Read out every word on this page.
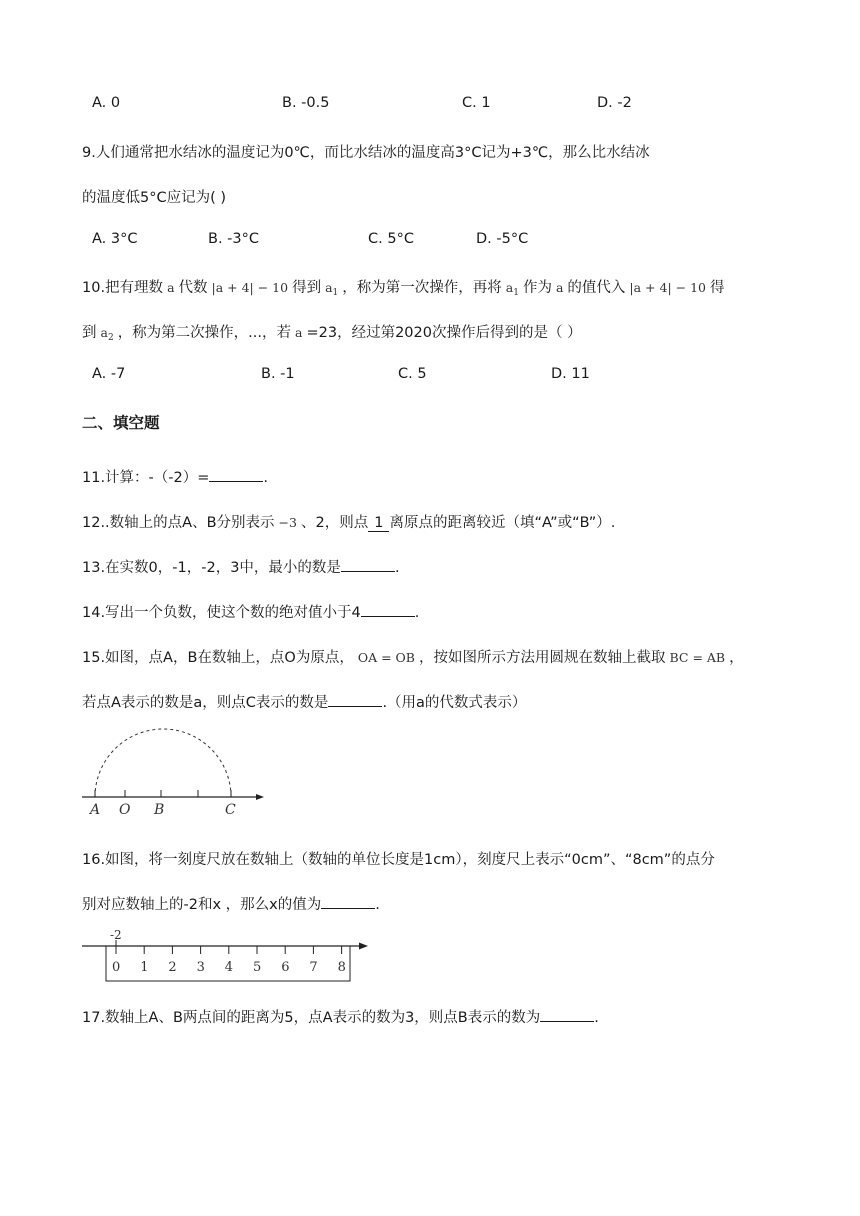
A. 0	B. -0.5	C. 1	D. -2
9.人们通常把水结冰的温度记为0℃，而比水结冰的温度高3°C记为+3℃，那么比水结冰
的温度低5°C应记为( )
A. 3°C	B. -3°C	C. 5°C	D. -5°C
10.把有理数 a 代数 |a + 4| − 10 得到 $a_1$ ，称为第一次操作，再将 $a_1$ 作为 a 的值代入 |a + 4| − 10 得
到 $a_2$ ，称为第二次操作，...，若 a =23，经过第2020次操作后得到的是（ ）
A. -7	B. -1	C. 5	D. 11
二、填空题
11.计算：-（-2）=	.
12..数轴上的点A、B分别表示 −3 、2，则点 1 离原点的距离较近（填“A”或“B”）.
13.在实数0，-1，-2，3中，最小的数是	.
14.写出一个负数，使这个数的绝对值小于4	.
15.如图，点A，B在数轴上，点O为原点， OA = OB ，按如图所示方法用圆规在数轴上截取 BC = AB ，
若点A表示的数是a，则点C表示的数是	.（用a的代数式表示）
A O B	C
16.如图，将一刻度尺放在数轴上（数轴的单位长度是1cm），刻度尺上表示“0cm”、“8cm”的点分
别对应数轴上的-2和x ，那么x的值为	.
-2
0 1 2 3 4 5 6 7 8
17.数轴上A、B两点间的距离为5，点A表示的数为3，则点B表示的数为	.
